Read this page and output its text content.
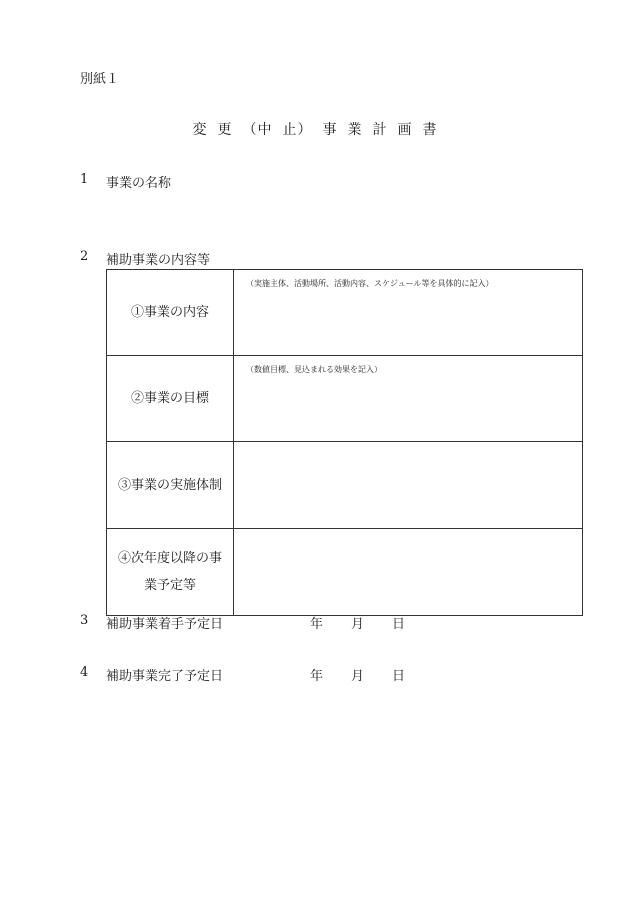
別紙１
変 更 （中 止） 事 業 計 画 書
1	事業の名称
2	補助事業の内容等
①事業の内容	（実施主体、活動場所、活動内容、スケジュール等を具体的に記入）
②事業の目標	（数値目標、見込まれる効果を記入）
③事業の実施体制	

④次年度以降の事
業予定等	

3	補助事業着手予定日	年 月 日
4	補助事業完了予定日	年 月 日
